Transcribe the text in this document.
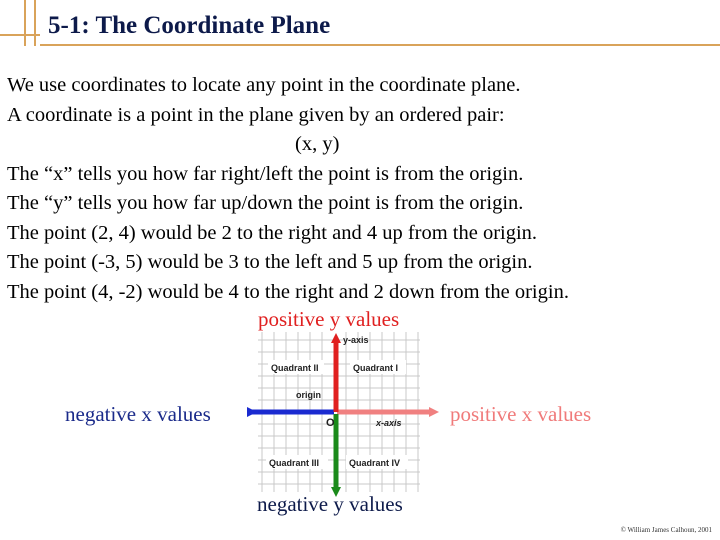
5-1: The Coordinate Plane

We use coordinates to locate any point in the coordinate plane.

A coordinate is a point in the plane given by an ordered pair:

(x, y)

The “x” tells you how far right/left the point is from the origin.

The “y” tells you how far up/down the point is from the origin.

The point (2, 4) would be 2 to the right and 4 up from the origin.

The point (-3, 5) would be 3 to the left and 5 up from the origin.

The point (4, -2) would be 4 to the right and 2 down from the origin.

y-axis
Quadrant II	Quadrant I
origin
O	x-axis
Quadrant III	Quadrant IV
positive y values
negative x values	positive x values
negative y values
© William James Calhoun, 2001
